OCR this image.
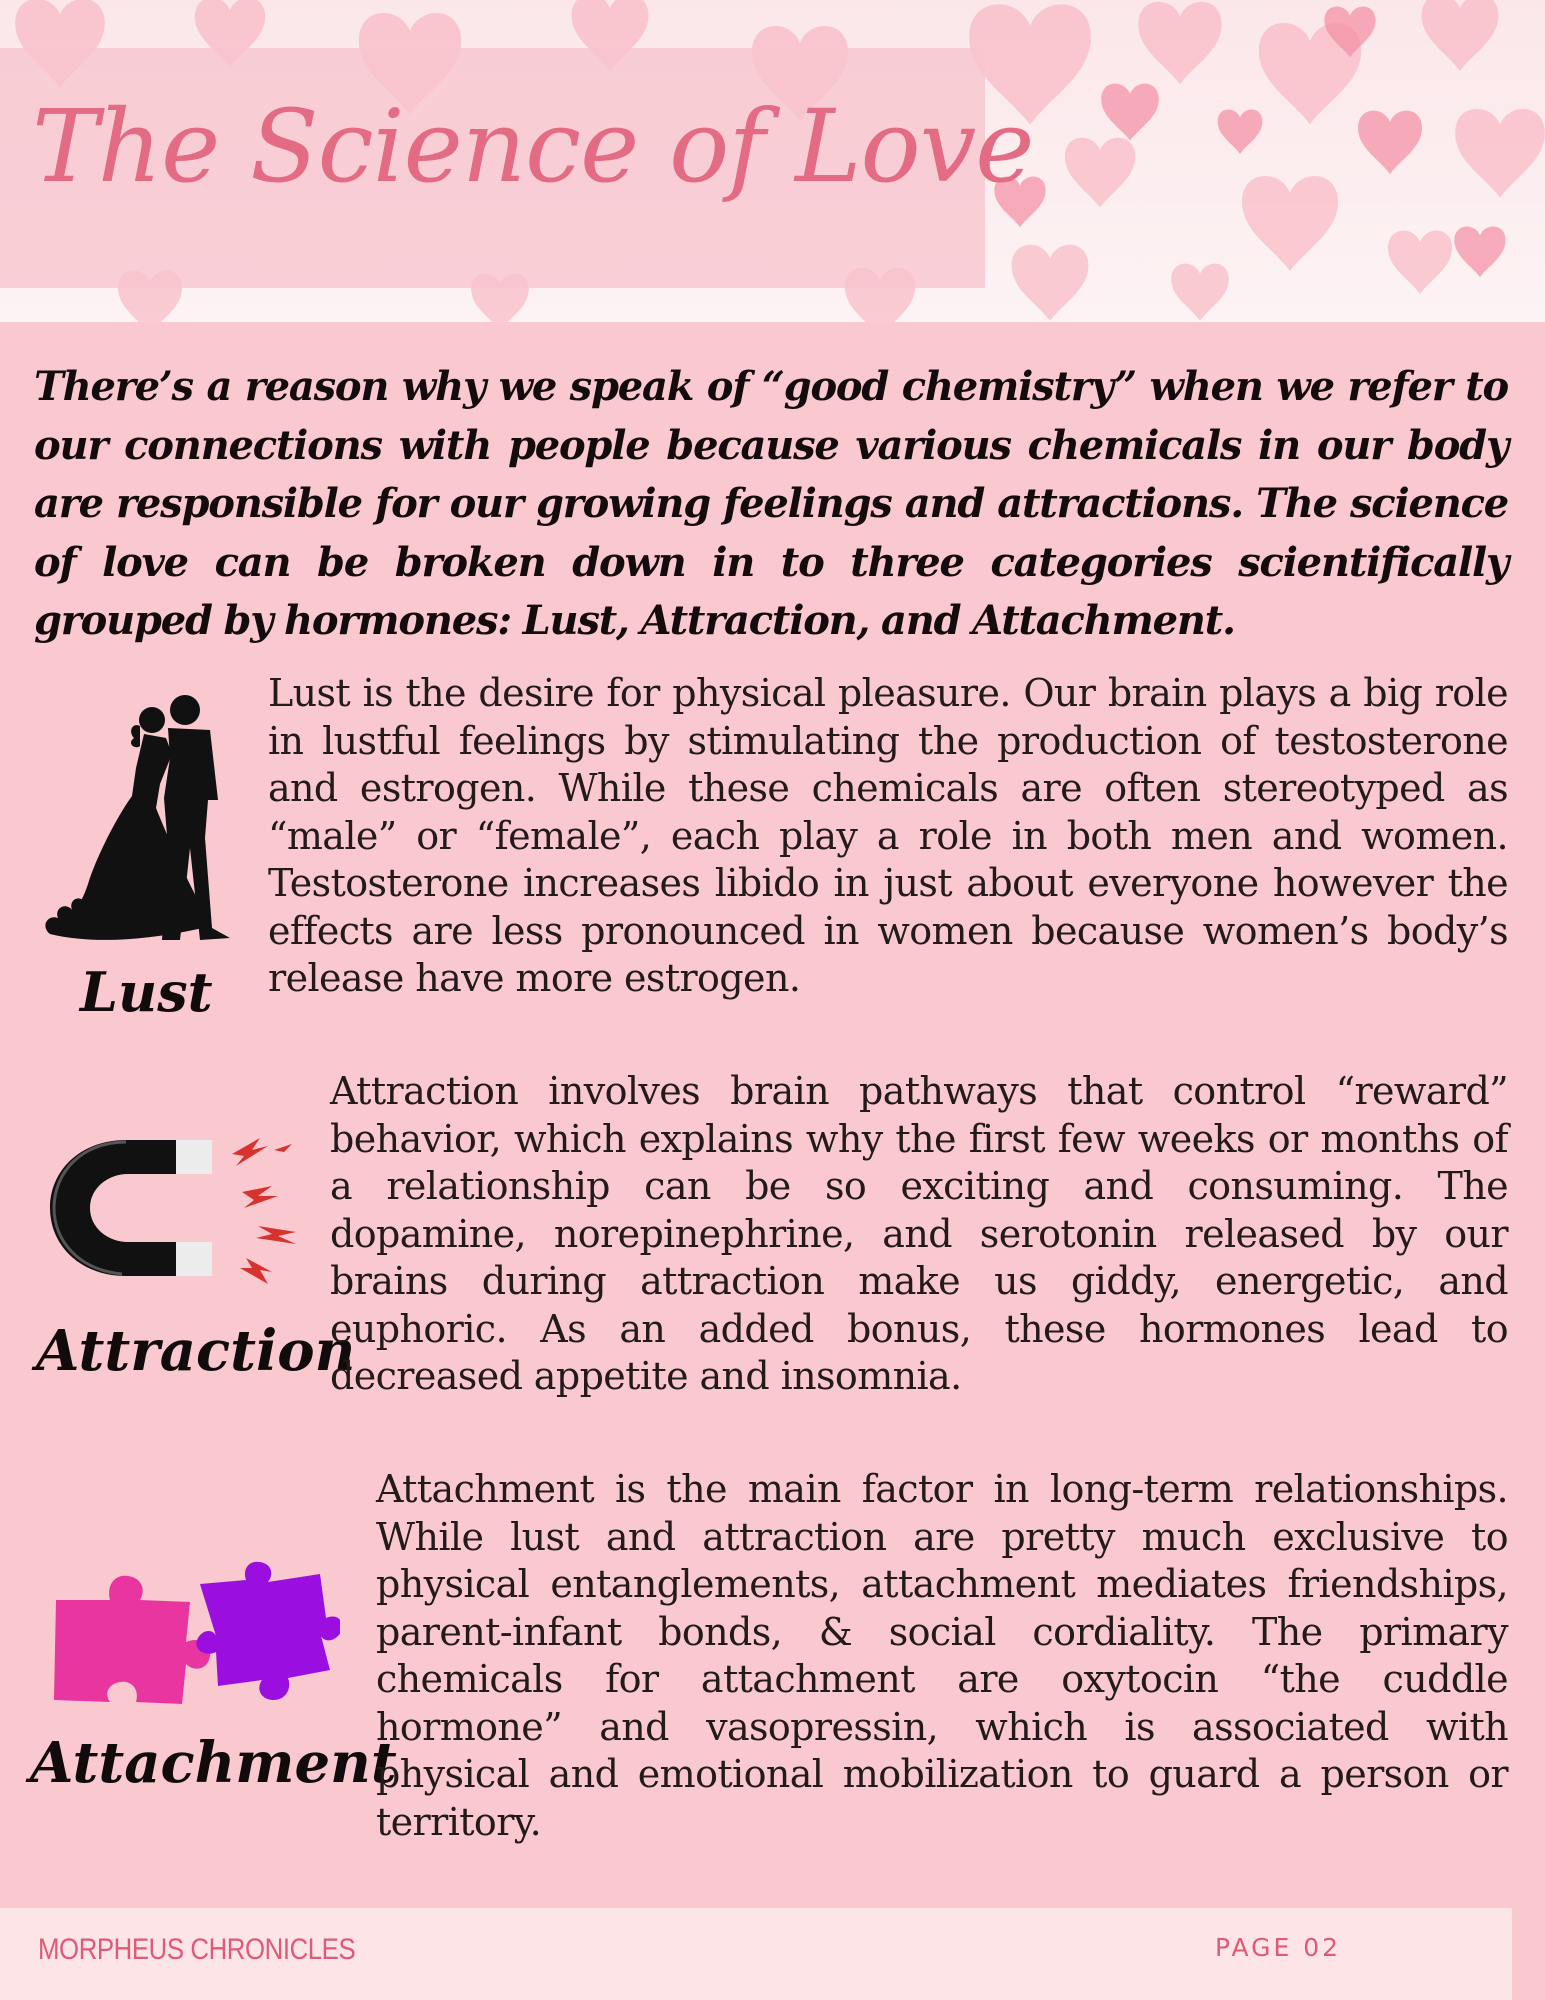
The Science of Love

There’s a reason why we speak of “good chemistry” when we refer to our connections with people because various chemicals in our body are responsible for our growing feelings and attractions. The science of love can be broken down in to three categories scientifically grouped by hormones: Lust, Attraction, and Attachment.

Lust

Lust is the desire for physical pleasure. Our brain plays a big role in lustful feelings by stimulating the production of testosterone and estrogen. While these chemicals are often stereotyped as “male” or “female”, each play a role in both men and women. Testosterone increases libido in just about everyone however the effects are less pronounced in women because women’s body’s release have more estrogen.

Attraction

Attraction involves brain pathways that control “reward” behavior, which explains why the first few weeks or months of a relationship can be so exciting and consuming. The dopamine, norepinephrine, and serotonin released by our brains during attraction make us giddy, energetic, and euphoric. As an added bonus, these hormones lead to decreased appetite and insomnia.

Attachment

Attachment is the main factor in long-term relationships. While lust and attraction are pretty much exclusive to physical entanglements, attachment mediates friendships, parent-infant bonds, & social cordiality. The primary chemicals for attachment are oxytocin “the cuddle hormone” and vasopressin, which is associated with physical and emotional mobilization to guard a person or territory.

MORPHEUS CHRONICLES	PAGE 02
